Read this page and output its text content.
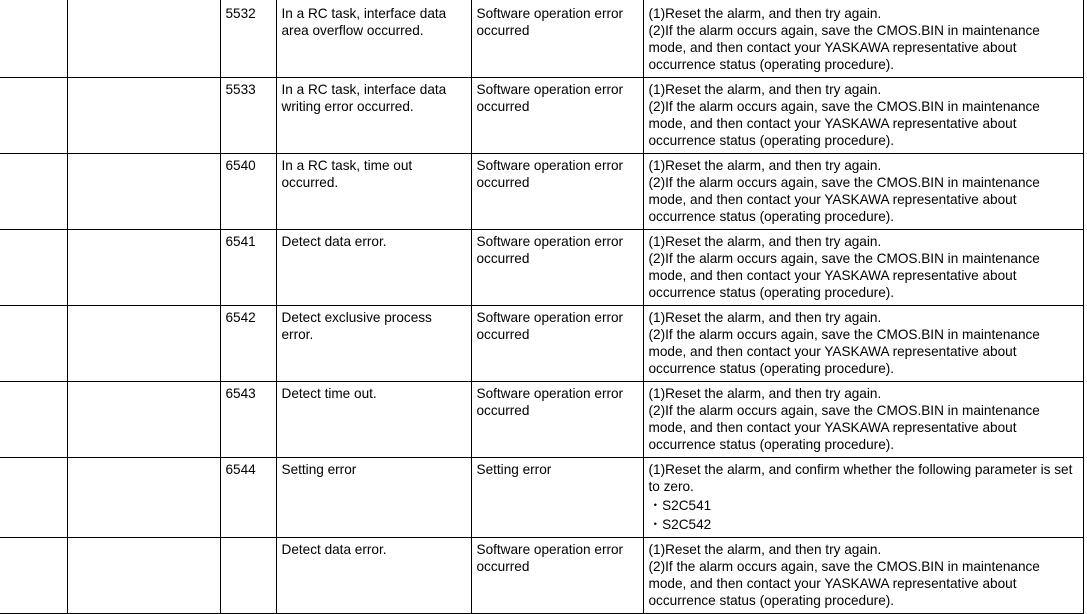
		5532	In a RC task, interface data area overflow occurred.	Software operation error occurred	(1)Reset the alarm, and then try again.
(2)If the alarm occurs again, save the CMOS.BIN in maintenance
mode, and then contact your YASKAWA representative about
occurrence status (operating procedure).

		5533	In a RC task, interface data writing error occurred.	Software operation error occurred	(1)Reset the alarm, and then try again.
(2)If the alarm occurs again, save the CMOS.BIN in maintenance
mode, and then contact your YASKAWA representative about
occurrence status (operating procedure).

		6540	In a RC task, time out occurred.	Software operation error occurred	(1)Reset the alarm, and then try again.
(2)If the alarm occurs again, save the CMOS.BIN in maintenance
mode, and then contact your YASKAWA representative about
occurrence status (operating procedure).

		6541	Detect data error.	Software operation error occurred	(1)Reset the alarm, and then try again.
(2)If the alarm occurs again, save the CMOS.BIN in maintenance
mode, and then contact your YASKAWA representative about
occurrence status (operating procedure).

		6542	Detect exclusive process error.	Software operation error occurred	(1)Reset the alarm, and then try again.
(2)If the alarm occurs again, save the CMOS.BIN in maintenance
mode, and then contact your YASKAWA representative about
occurrence status (operating procedure).

		6543	Detect time out.	Software operation error occurred	(1)Reset the alarm, and then try again.
(2)If the alarm occurs again, save the CMOS.BIN in maintenance
mode, and then contact your YASKAWA representative about
occurrence status (operating procedure).

		6544	Setting error	Setting error	(1)Reset the alarm, and confirm whether the following parameter is set to zero.
・S2C541
・S2C542

			Detect data error.	Software operation error occurred	(1)Reset the alarm, and then try again.
(2)If the alarm occurs again, save the CMOS.BIN in maintenance
mode, and then contact your YASKAWA representative about
occurrence status (operating procedure).
